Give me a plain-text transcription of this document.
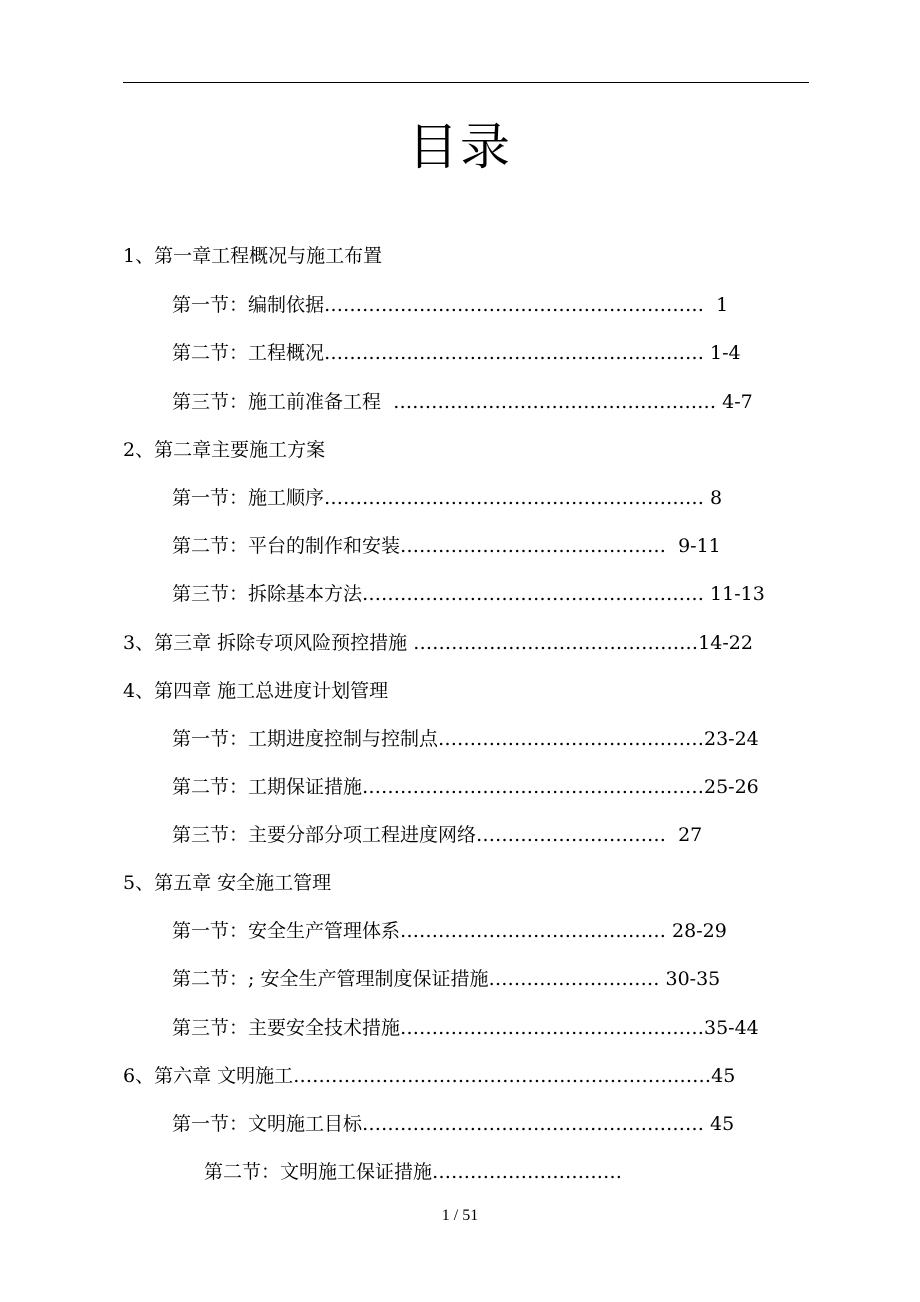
目录
1、第一章工程概况与施工布置
第一节：编制依据……………………………………………………  1
第二节：工程概况…………………………………………………… 1-4
第三节：施工前准备工程  …………………………………………… 4-7
2、第二章主要施工方案
第一节：施工顺序…………………………………………………… 8
第二节：平台的制作和安装……………………………………  9-11
第三节：拆除基本方法……………………………………………… 11-13
3、第三章 拆除专项风险预控措施 ………………………………………14-22
4、第四章 施工总进度计划管理
第一节：工期进度控制与控制点……………………………………23-24
第二节：工期保证措施………………………………………………25-26
第三节：主要分部分项工程进度网络…………………………  27
5、第五章 安全施工管理
第一节：安全生产管理体系…………………………………… 28-29
第二节：; 安全生产管理制度保证措施……………………… 30-35
第三节：主要安全技术措施…………………………………………35-44
6、第六章 文明施工…………………………………………………………45
第一节：文明施工目标……………………………………………… 45
第二节：文明施工保证措施…………………………
1 / 51
